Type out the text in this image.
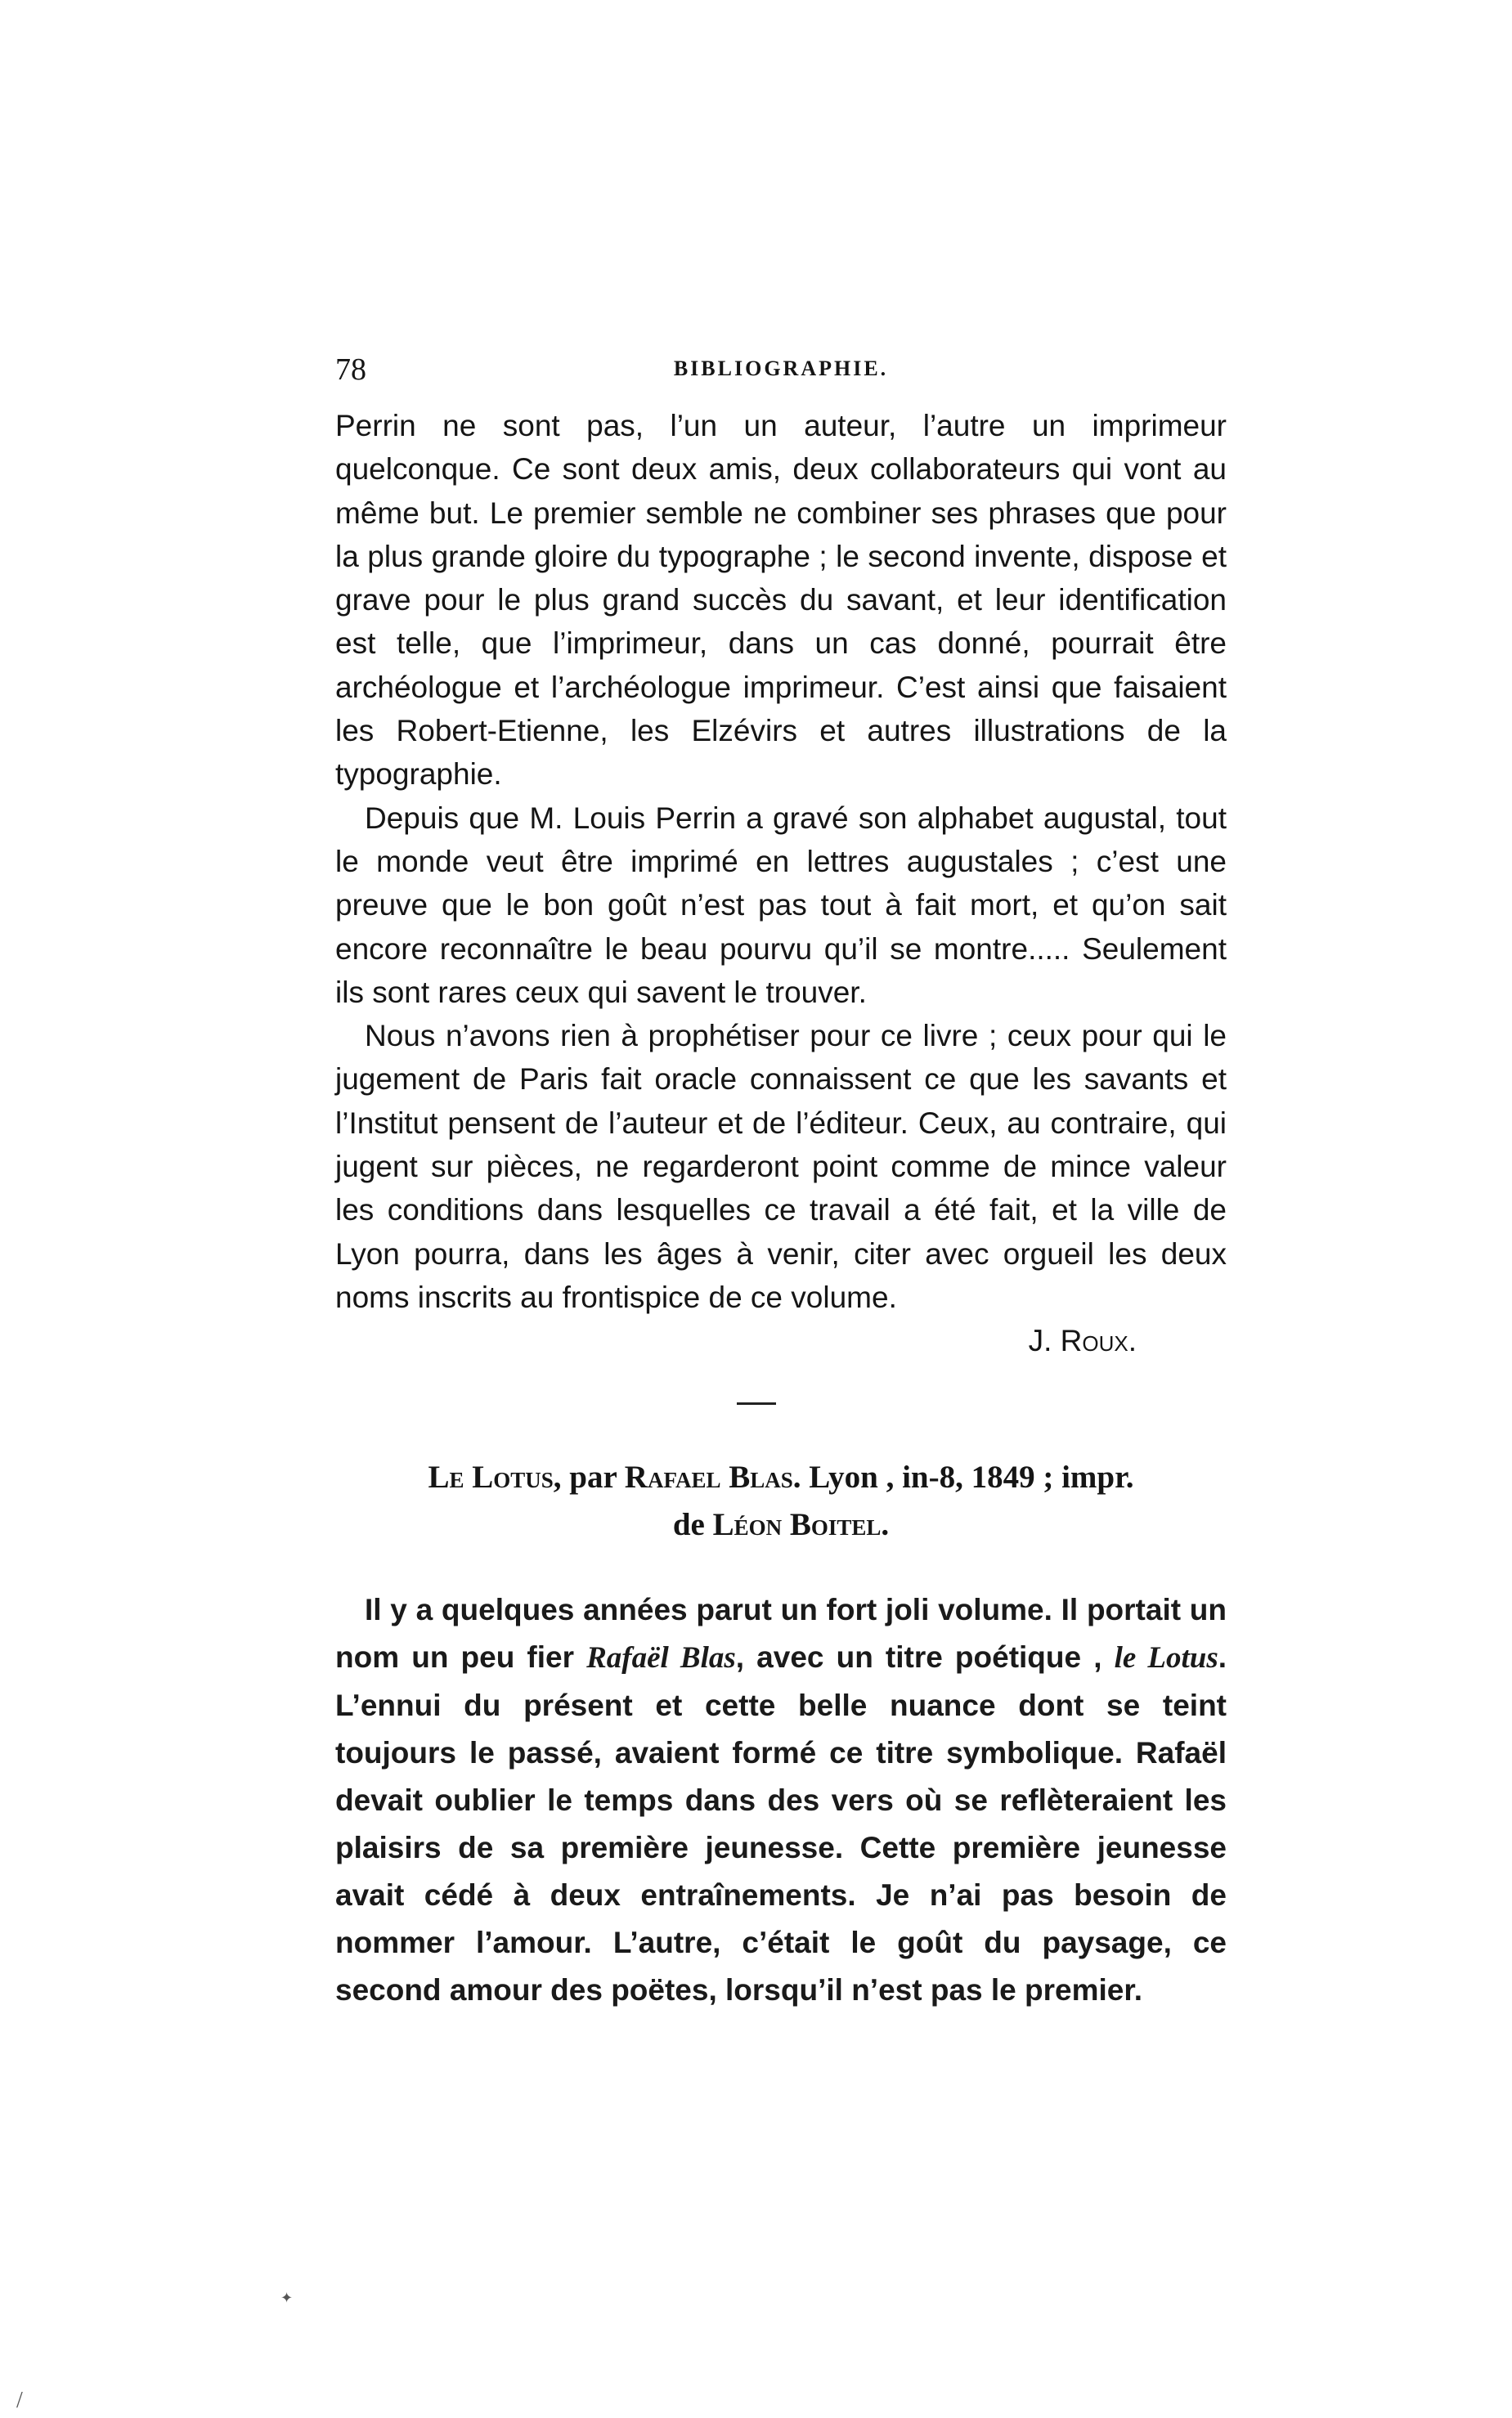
78	BIBLIOGRAPHIE.

Perrin ne sont pas, l’un un auteur, l’autre un imprimeur quelconque. Ce sont deux amis, deux collaborateurs qui vont au même but. Le premier semble ne combiner ses phrases que pour la plus grande gloire du typographe ; le second invente, dispose et grave pour le plus grand succès du savant, et leur identification est telle, que l’imprimeur, dans un cas donné, pourrait être archéologue et l’archéologue imprimeur. C’est ainsi que faisaient les Robert-Etienne, les Elzévirs et autres illustrations de la typographie.

Depuis que M. Louis Perrin a gravé son alphabet augustal, tout le monde veut être imprimé en lettres augustales ; c’est une preuve que le bon goût n’est pas tout à fait mort, et qu’on sait encore reconnaître le beau pourvu qu’il se montre..... Seulement ils sont rares ceux qui savent le trouver.

Nous n’avons rien à prophétiser pour ce livre ; ceux pour qui le jugement de Paris fait oracle connaissent ce que les savants et l’Institut pensent de l’auteur et de l’éditeur. Ceux, au contraire, qui jugent sur pièces, ne regarderont point comme de mince valeur les conditions dans lesquelles ce travail a été fait, et la ville de Lyon pourra, dans les âges à venir, citer avec orgueil les deux noms inscrits au frontispice de ce volume.

J. Roux.

Le Lotus, par Rafael Blas. Lyon , in-8, 1849 ; impr.
de Léon Boitel.

Il y a quelques années parut un fort joli volume. Il portait un nom un peu fier Rafaël Blas, avec un titre poétique , le Lotus. L’ennui du présent et cette belle nuance dont se teint toujours le passé, avaient formé ce titre symbolique. Rafaël devait oublier le temps dans des vers où se reflèteraient les plaisirs de sa première jeunesse. Cette première jeunesse avait cédé à deux entraînements. Je n’ai pas besoin de nommer l’amour. L’autre, c’était le goût du paysage, ce second amour des poëtes, lorsqu’il n’est pas le premier.

✦
/
